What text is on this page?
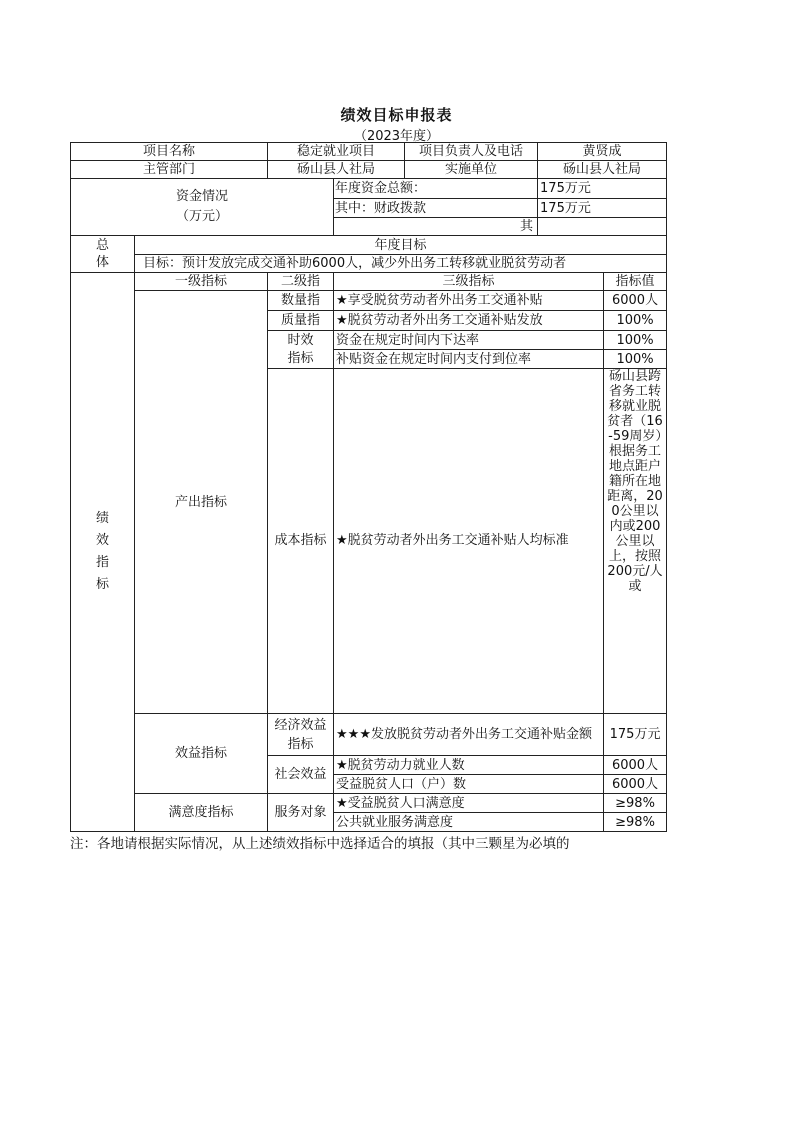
绩效目标申报表
（2023年度）
项目名称		稳定就业项目		项目负责人及电话	黄贤成	
主管部门		砀山县人社局		实施单位	砀山县人社局	

资金情况
（万元）			年度资金总额：		175万元	
			其中：财政拨款		175万元	
			其			

总体	年度目标					
	目标：预计发放完成交通补助6000人，减少外出务工转移就业脱贫劳动者					

绩效指标	一级指标	二级指	三级指标			指标值
	产出指标	数量指	★享受脱贫劳动者外出务工交通补贴			6000人
		质量指	★脱贫劳动者外出务工交通补贴发放			100%

		时效指标	资金在规定时间内下达率			100%
			补贴资金在规定时间内支付到位率			100%

		成本指标	★脱贫劳动者外出务工交通补贴人均标准			砀山县跨省务工转移就业脱贫者（16-59周岁）根据务工地点距户籍所在地距离，200公里以内或200公里以上，按照200元/人或

	效益指标	经济效益指标	★★★发放脱贫劳动者外出务工交通补贴金额			175万元

		社会效益	★脱贫劳动力就业人数			6000人
			受益脱贫人口（户）数			6000人
	满意度指标	服务对象	★受益脱贫人口满意度			≥98%
			公共就业服务满意度			≥98%
注：各地请根据实际情况，从上述绩效指标中选择适合的填报（其中三颗星为必填的
